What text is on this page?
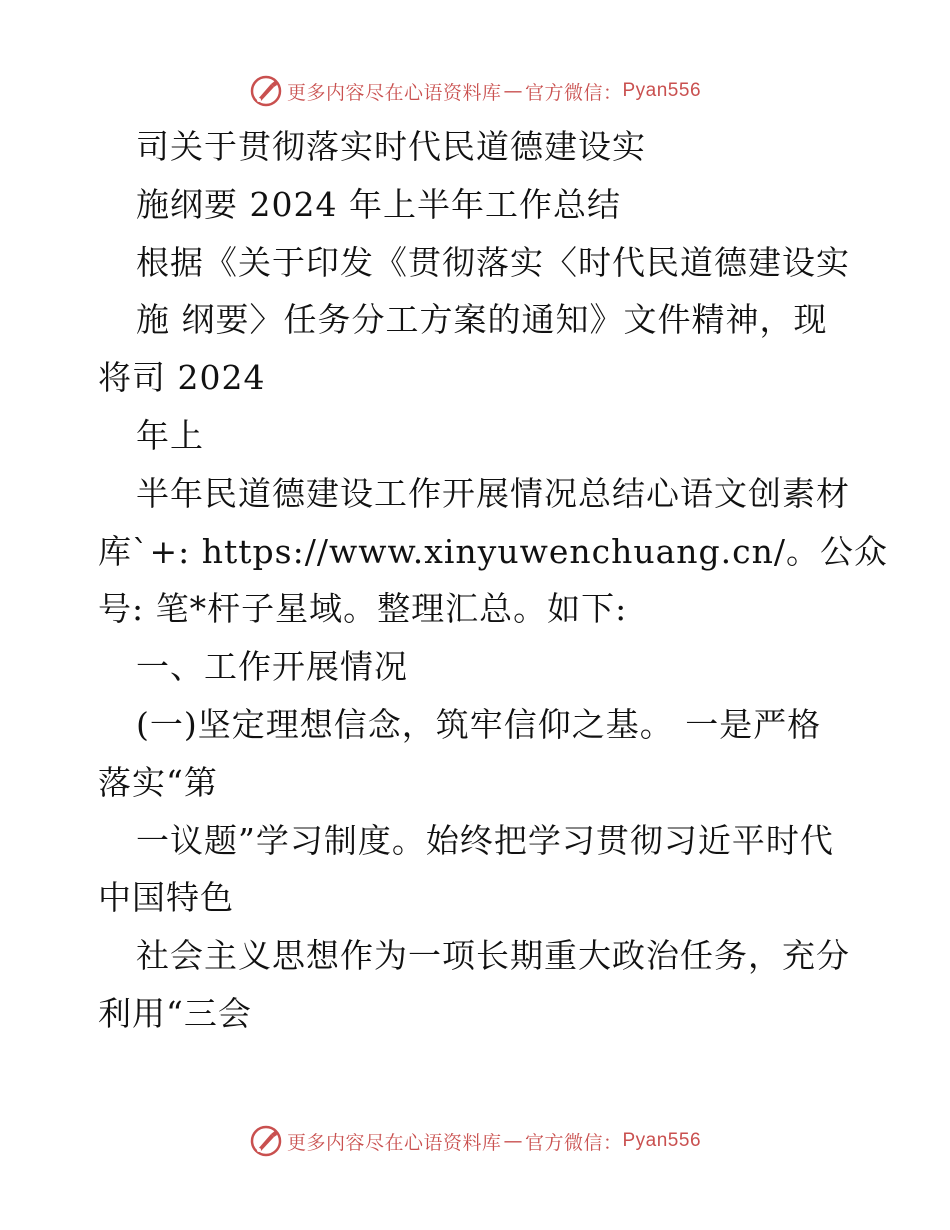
更多内容尽在心语资料库 — 官方微信： Pyan556
司关于贯彻落实时代民道德建设实
施纲要 2024 年上半年工作总结
根据《关于印发《贯彻落实〈时代民道德建设实
施 纲要〉任务分工方案的通知》文件精神，现
将司 2024
年上
半年民道德建设工作开展情况总结心语文创素材
库`+: https://www.xinyuwenchuang.cn/。公众
号: 笔*杆子星域。整理汇总。如下:
一、工作开展情况
(一)坚定理想信念，筑牢信仰之基。 一是严格
落实“第
一议题”学习制度。始终把学习贯彻习近平时代
中国特色
社会主义思想作为一项长期重大政治任务，充分
利用“三会
更多内容尽在心语资料库 — 官方微信： Pyan556
